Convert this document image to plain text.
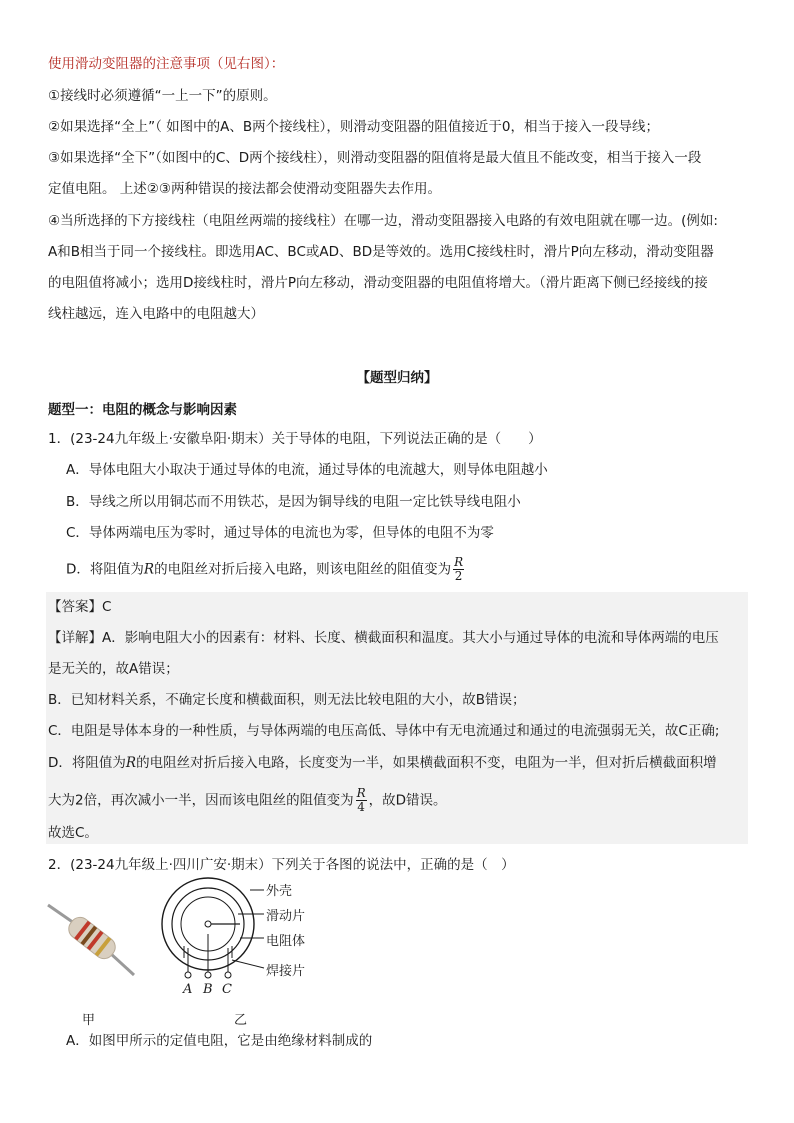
使用滑动变阻器的注意事项（见右图）：
①接线时必须遵循“一上一下”的原则。
②如果选择“全上”（ 如图中的A、B两个接线柱），则滑动变阻器的阻值接近于0，相当于接入一段导线；
③如果选择“全下”（如图中的C、D两个接线柱），则滑动变阻器的阻值将是最大值且不能改变，相当于接入一段
定值电阻。 上述②③两种错误的接法都会使滑动变阻器失去作用。
④当所选择的下方接线柱（电阻丝两端的接线柱）在哪一边，滑动变阻器接入电路的有效电阻就在哪一边。(例如:
A和B相当于同一个接线柱。即选用AC、BC或AD、BD是等效的。选用C接线柱时，滑片P向左移动，滑动变阻器
的电阻值将减小；选用D接线柱时，滑片P向左移动，滑动变阻器的电阻值将增大。（滑片距离下侧已经接线的接
线柱越远，连入电路中的电阻越大）
【题型归纳】
题型一：电阻的概念与影响因素
1．(23-24九年级上·安徽阜阳·期末）关于导体的电阻，下列说法正确的是（　　）
A．导体电阻大小取决于通过导体的电流，通过导体的电流越大，则导体电阻越小
B．导线之所以用铜芯而不用铁芯，是因为铜导线的电阻一定比铁导线电阻小
C．导体两端电压为零时，通过导体的电流也为零，但导体的电阻不为零
D．将阻值为R的电阻丝对折后接入电路，则该电阻丝的阻值变为 $\frac{R}{2}$
【答案】C
【详解】A．影响电阻大小的因素有：材料、长度、横截面积和温度。其大小与通过导体的电流和导体两端的电压
是无关的，故A错误；
B．已知材料关系，不确定长度和横截面积，则无法比较电阻的大小，故B错误；
C．电阻是导体本身的一种性质，与导体两端的电压高低、导体中有无电流通过和通过的电流强弱无关，故C正确;
D．将阻值为R的电阻丝对折后接入电路，长度变为一半，如果横截面积不变，电阻为一半，但对折后横截面积增
大为2倍，再次减小一半，因而该电阻丝的阻值变为 $\frac{R}{4}$ ，故D错误。
故选C。
2．(23-24九年级上·四川广安·期末）下列关于各图的说法中，正确的是（　）
外壳
滑动片
电阻体
焊接片
A B C
甲	乙
A．如图甲所示的定值电阻，它是由绝缘材料制成的
